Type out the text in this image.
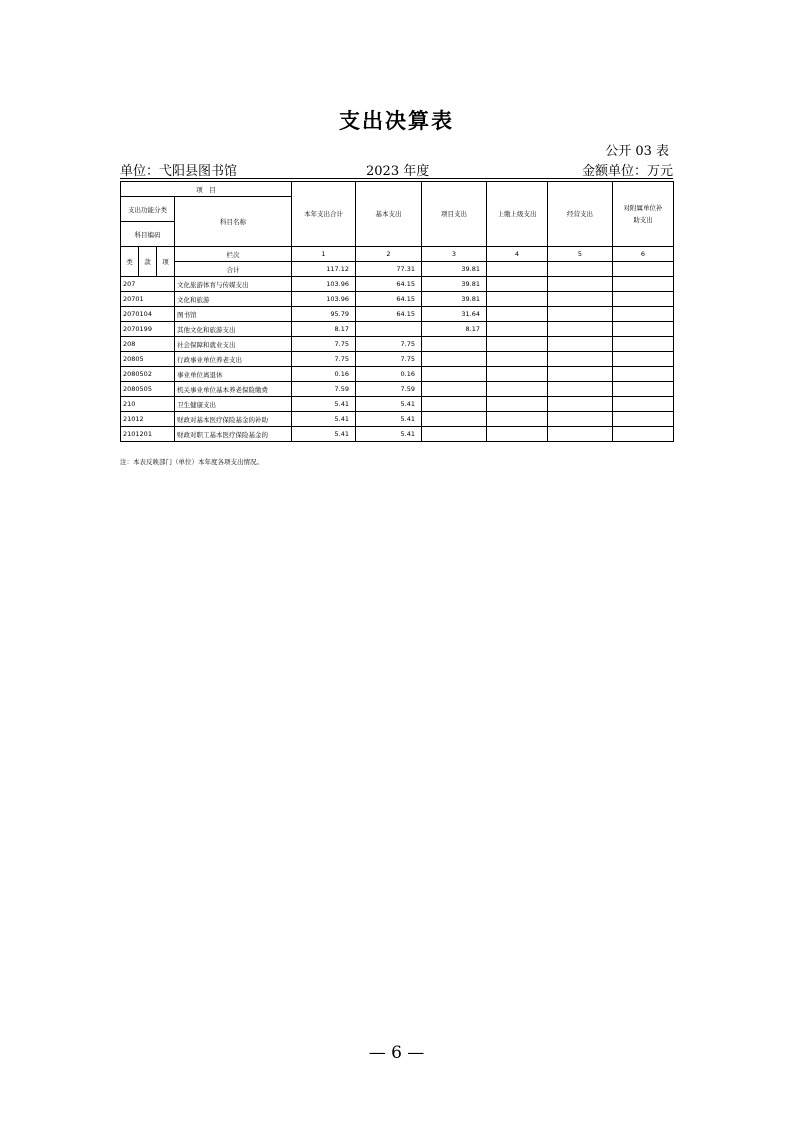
支出决算表
公开 03 表
单位：弋阳县图书馆	2023 年度	金额单位：万元
项　目				本年支出合计	基本支出	项目支出	上缴上级支出	经营支出	对附属单位补助支出
支出功能分类			科目名称						
科目编码									
类	款	项	栏次	1	2	3	4	5	6
			合计	117.12	77.31	39.81			
207			文化旅游体育与传媒支出	103.96	64.15	39.81			
20701			文化和旅游	103.96	64.15	39.81			
2070104			图书馆	95.79	64.15	31.64			
2070199			其他文化和旅游支出	8.17		8.17			
208			社会保障和就业支出	7.75	7.75				
20805			行政事业单位养老支出	7.75	7.75				
2080502			事业单位离退休	0.16	0.16				
2080505			机关事业单位基本养老保险缴费	7.59	7.59				
210			卫生健康支出	5.41	5.41				
21012			财政对基本医疗保险基金的补助	5.41	5.41				
2101201			财政对职工基本医疗保险基金的	5.41	5.41				
注：本表反映部门（单位）本年度各项支出情况。
— 6 —
